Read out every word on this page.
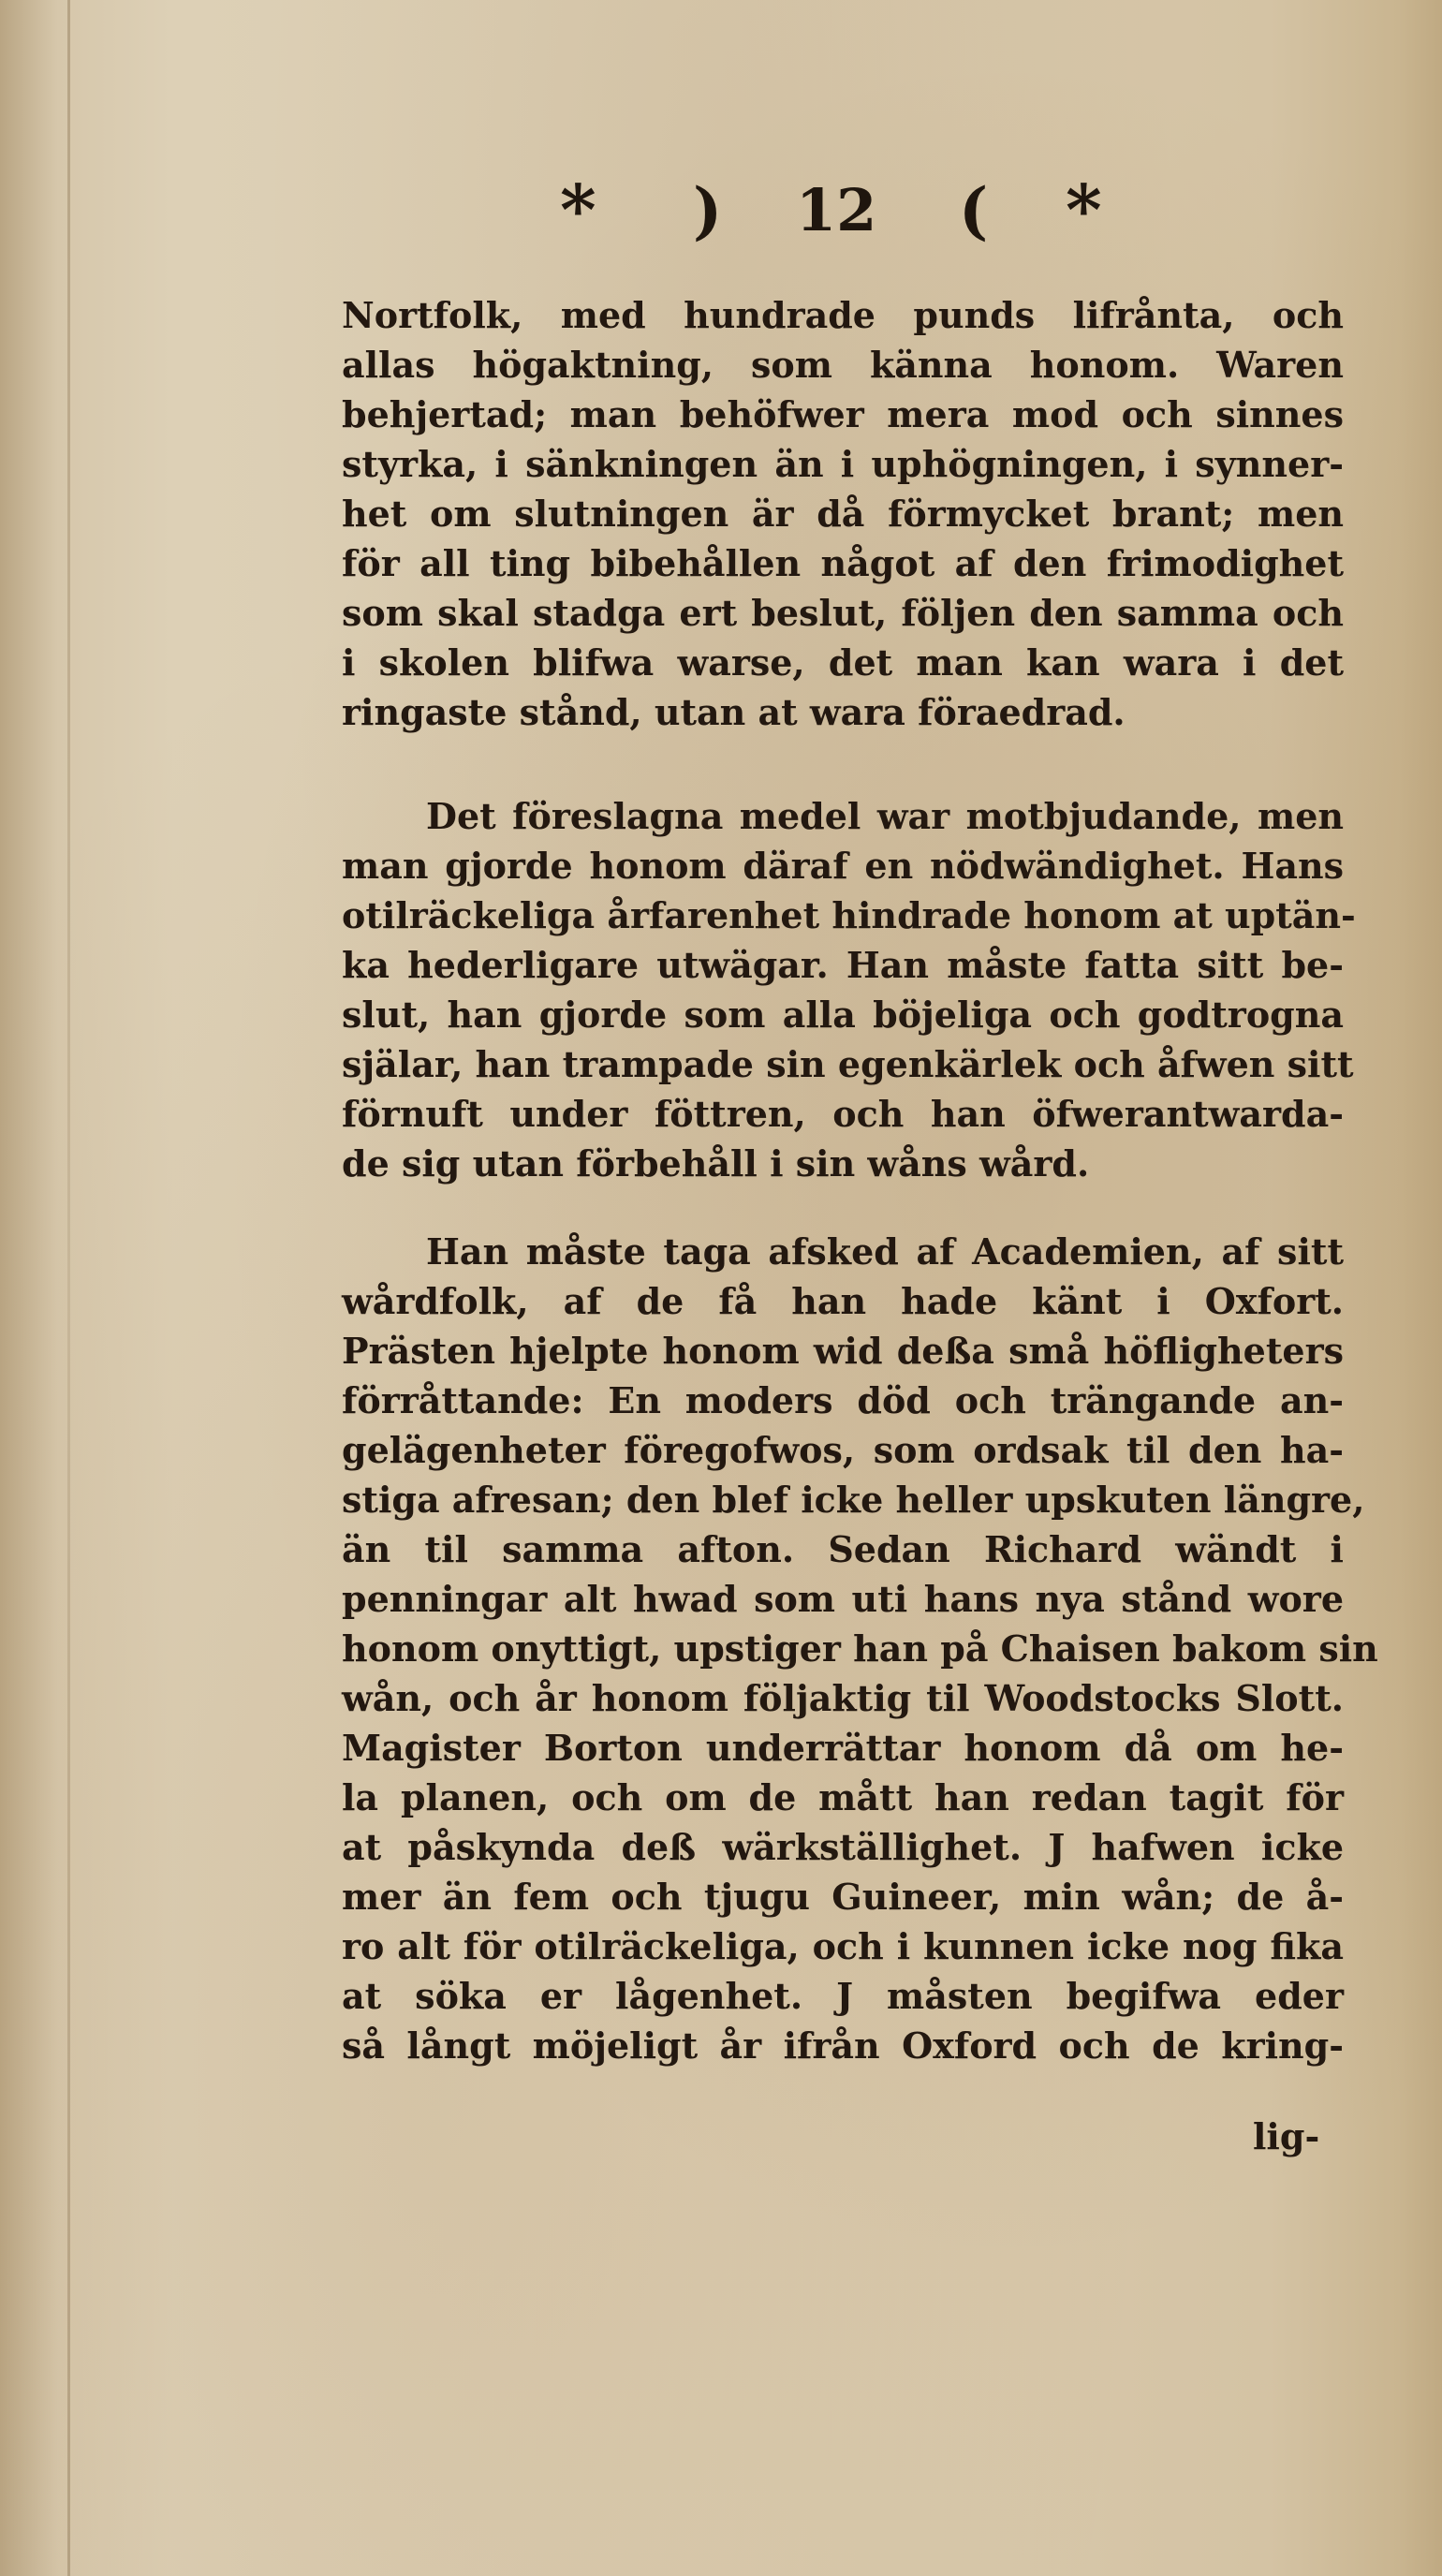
* ) 12 ( *
Nortfolk, med hundrade punds lifrånta, och
allas högaktning, som känna honom. Waren
behjertad; man behöfwer mera mod och sinnes
styrka, i sänkningen än i uphögningen, i synner-
het om slutningen är då förmycket brant; men
för all ting bibehållen något af den frimodighet
som skal stadga ert beslut, följen den samma och
i skolen blifwa warse, det man kan wara i det
ringaste stånd, utan at wara föraedrad.
Det föreslagna medel war motbjudande, men
man gjorde honom däraf en nödwändighet. Hans
otilräckeliga årfarenhet hindrade honom at uptän-
ka hederligare utwägar. Han måste fatta sitt be-
slut, han gjorde som alla böjeliga och godtrogna
själar, han trampade sin egenkärlek och åfwen sitt
förnuft under föttren, och han öfwerantwarda-
de sig utan förbehåll i sin wåns wård.
Han måste taga afsked af Academien, af sitt
wårdfolk, af de få han hade känt i Oxfort.
Prästen hjelpte honom wid deßa små höfligheters
förråttande: En moders död och trängande an-
gelägenheter föregofwos, som ordsak til den ha-
stiga afresan; den blef icke heller upskuten längre,
än til samma afton. Sedan Richard wändt i
penningar alt hwad som uti hans nya stånd wore
honom onyttigt, upstiger han på Chaisen bakom sin
wån, och år honom följaktig til Woodstocks Slott.
Magister Borton underrättar honom då om he-
la planen, och om de mått han redan tagit för
at påskynda deß wärkställighet. J hafwen icke
mer än fem och tjugu Guineer, min wån; de å-
ro alt för otilräckeliga, och i kunnen icke nog fika
at söka er lågenhet. J måsten begifwa eder
så långt möjeligt år ifrån Oxford och de kring-
lig-
